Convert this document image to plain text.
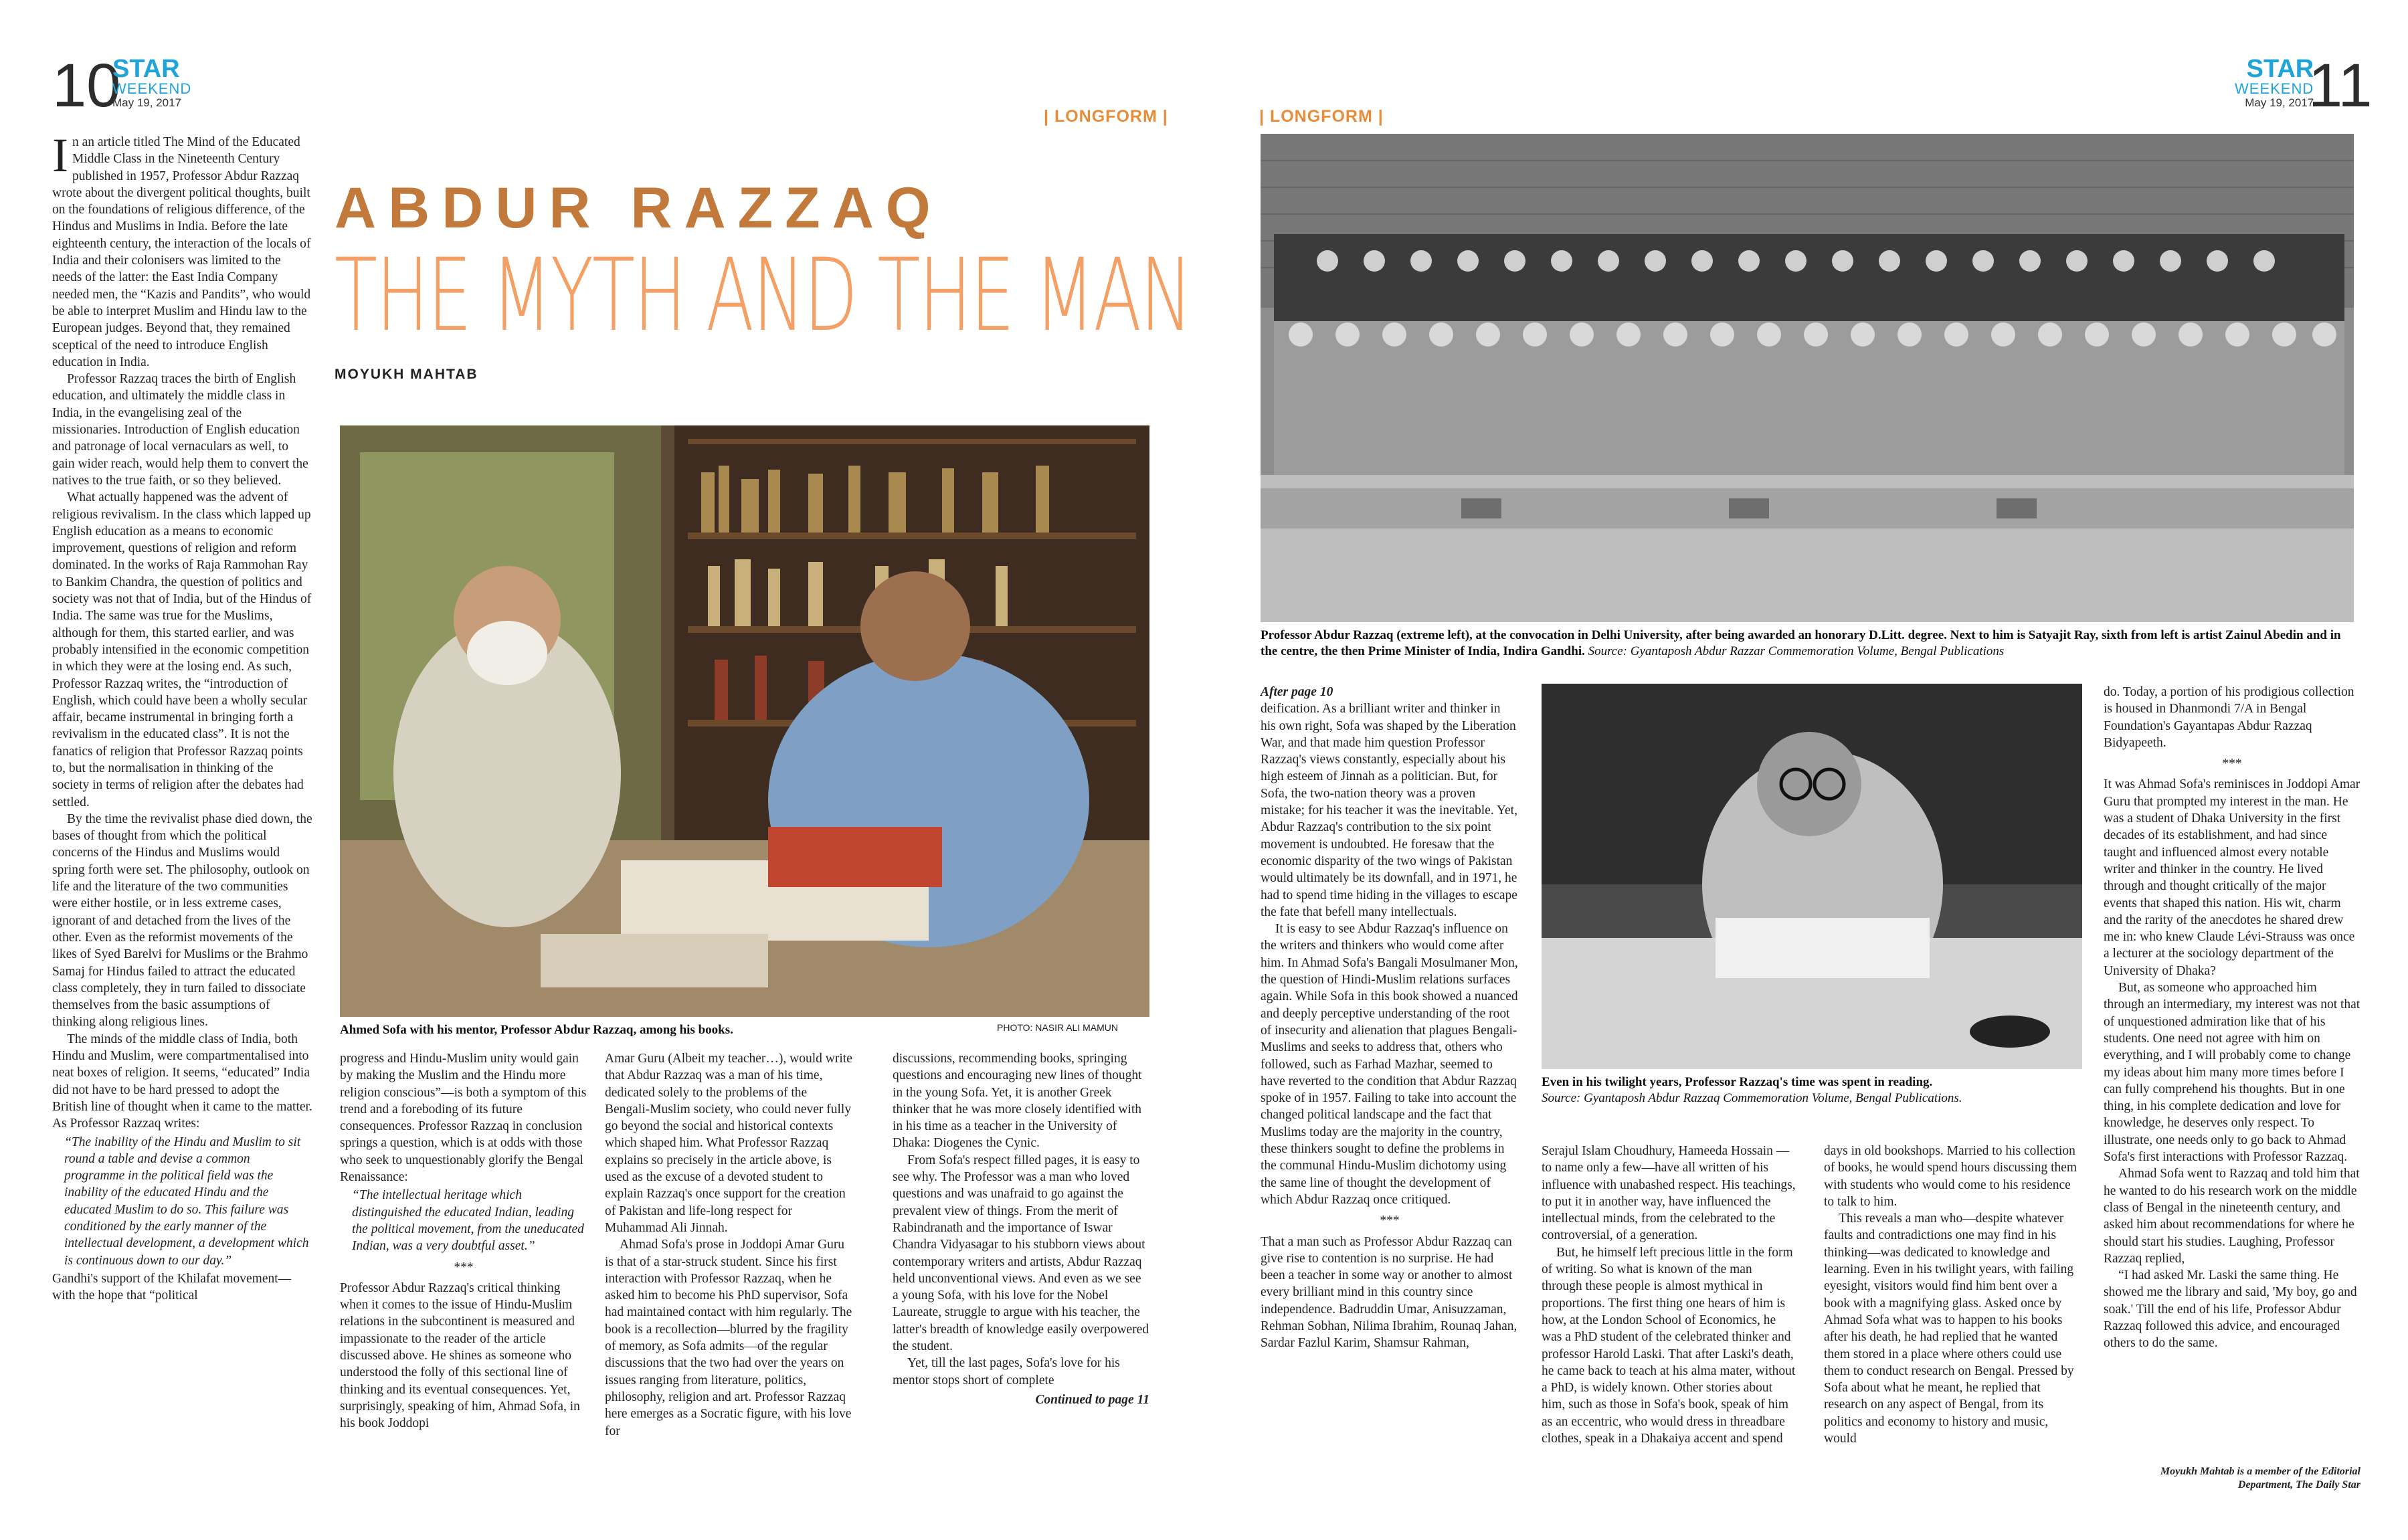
10
STAR
WEEKEND
May 19, 2017
| LONGFORM |
STAR
WEEKEND
May 19, 2017
11
| LONGFORM |
ABDUR RAZZAQ
THE MYTH AND THE MAN
MOYUKH MAHTAB
Ahmed Sofa with his mentor, Professor Abdur Razzaq, among his books.	PHOTO: NASIR ALI MAMUN
Professor Abdur Razzaq (extreme left), at the convocation in Delhi University, after being awarded an honorary D.Litt. degree. Next to him is Satyajit Ray, sixth from left is artist Zainul Abedin and in the centre, the then Prime Minister of India, Indira Gandhi. Source: Gyantaposh Abdur Razzar Commemoration Volume, Bengal Publications
Even in his twilight years, Professor Razzaq's time was spent in reading.
Source: Gyantaposh Abdur Razzaq Commemoration Volume, Bengal Publications.

In an article titled The Mind of the Educated Middle Class in the Nineteenth Century published in 1957, Professor Abdur Razzaq wrote about the divergent political thoughts, built on the foundations of religious difference, of the Hindus and Muslims in India. Before the late eighteenth century, the interaction of the locals of India and their colonisers was limited to the needs of the latter: the East India Company needed men, the “Kazis and Pandits”, who would be able to interpret Muslim and Hindu law to the European judges. Beyond that, they remained sceptical of the need to introduce English education in India.

Professor Razzaq traces the birth of English education, and ultimately the middle class in India, in the evangelising zeal of the missionaries. Introduction of English education and patronage of local vernaculars as well, to gain wider reach, would help them to convert the natives to the true faith, or so they believed.

What actually happened was the advent of religious revivalism. In the class which lapped up English education as a means to economic improvement, questions of religion and reform dominated. In the works of Raja Rammohan Ray to Bankim Chandra, the question of politics and society was not that of India, but of the Hindus of India. The same was true for the Muslims, although for them, this started earlier, and was probably intensified in the economic competition in which they were at the losing end. As such, Professor Razzaq writes, the “introduction of English, which could have been a wholly secular affair, became instrumental in bringing forth a revivalism in the educated class”. It is not the fanatics of religion that Professor Razzaq points to, but the normalisation in thinking of the society in terms of religion after the debates had settled.

By the time the revivalist phase died down, the bases of thought from which the political concerns of the Hindus and Muslims would spring forth were set. The philosophy, outlook on life and the literature of the two communities were either hostile, or in less extreme cases, ignorant of and detached from the lives of the other. Even as the reformist movements of the likes of Syed Barelvi for Muslims or the Brahmo Samaj for Hindus failed to attract the educated class completely, they in turn failed to dissociate themselves from the basic assumptions of thinking along religious lines.

The minds of the middle class of India, both Hindu and Muslim, were compartmentalised into neat boxes of religion. It seems, “educated” India did not have to be hard pressed to adopt the British line of thought when it came to the matter. As Professor Razzaq writes:

“The inability of the Hindu and Muslim to sit round a table and devise a common programme in the political field was the inability of the educated Hindu and the educated Muslim to do so. This failure was conditioned by the early manner of the intellectual development, a development which is continuous down to our day.”

Gandhi's support of the Khilafat movement—with the hope that “political

progress and Hindu-Muslim unity would gain by making the Muslim and the Hindu more religion conscious”—is both a symptom of this trend and a foreboding of its future consequences. Professor Razzaq in conclusion springs a question, which is at odds with those who seek to unquestionably glorify the Bengal Renaissance:

“The intellectual heritage which distinguished the educated Indian, leading the political movement, from the uneducated Indian, was a very doubtful asset.”
***

Professor Abdur Razzaq's critical thinking when it comes to the issue of Hindu-Muslim relations in the subcontinent is measured and impassionate to the reader of the article discussed above. He shines as someone who understood the folly of this sectional line of thinking and its eventual consequences. Yet, surprisingly, speaking of him, Ahmad Sofa, in his book Joddopi

Amar Guru (Albeit my teacher…), would write that Abdur Razzaq was a man of his time, dedicated solely to the problems of the Bengali-Muslim society, who could never fully go beyond the social and historical contexts which shaped him. What Professor Razzaq explains so precisely in the article above, is used as the excuse of a devoted student to explain Razzaq's once support for the creation of Pakistan and life-long respect for Muhammad Ali Jinnah.

Ahmad Sofa's prose in Joddopi Amar Guru is that of a star-struck student. Since his first interaction with Professor Razzaq, when he asked him to become his PhD supervisor, Sofa had maintained contact with him regularly. The book is a recollection—blurred by the fragility of memory, as Sofa admits—of the regular discussions that the two had over the years on issues ranging from literature, politics, philosophy, religion and art. Professor Razzaq here emerges as a Socratic figure, with his love for

discussions, recommending books, springing questions and encouraging new lines of thought in the young Sofa. Yet, it is another Greek thinker that he was more closely identified with in his time as a teacher in the University of Dhaka: Diogenes the Cynic.

From Sofa's respect filled pages, it is easy to see why. The Professor was a man who loved questions and was unafraid to go against the prevalent view of things. From the merit of Rabindranath and the importance of Iswar Chandra Vidyasagar to his stubborn views about contemporary writers and artists, Abdur Razzaq held unconventional views. And even as we see a young Sofa, with his love for the Nobel Laureate, struggle to argue with his teacher, the latter's breadth of knowledge easily overpowered the student.

Yet, till the last pages, Sofa's love for his mentor stops short of complete

Continued to page 11

After page 10

deification. As a brilliant writer and thinker in his own right, Sofa was shaped by the Liberation War, and that made him question Professor Razzaq's views constantly, especially about his high esteem of Jinnah as a politician. But, for Sofa, the two-nation theory was a proven mistake; for his teacher it was the inevitable. Yet, Abdur Razzaq's contribution to the six point movement is undoubted. He foresaw that the economic disparity of the two wings of Pakistan would ultimately be its downfall, and in 1971, he had to spend time hiding in the villages to escape the fate that befell many intellectuals.

It is easy to see Abdur Razzaq's influence on the writers and thinkers who would come after him. In Ahmad Sofa's Bangali Mosulmaner Mon, the question of Hindi-Muslim relations surfaces again. While Sofa in this book showed a nuanced and deeply perceptive understanding of the root of insecurity and alienation that plagues Bengali-Muslims and seeks to address that, others who followed, such as Farhad Mazhar, seemed to have reverted to the condition that Abdur Razzaq spoke of in 1957. Failing to take into account the changed political landscape and the fact that Muslims today are the majority in the country, these thinkers sought to define the problems in the communal Hindu-Muslim dichotomy using the same line of thought the development of which Abdur Razzaq once critiqued.

***

That a man such as Professor Abdur Razzaq can give rise to contention is no surprise. He had been a teacher in some way or another to almost every brilliant mind in this country since independence. Badruddin Umar, Anisuzzaman, Rehman Sobhan, Nilima Ibrahim, Rounaq Jahan, Sardar Fazlul Karim, Shamsur Rahman,

Serajul Islam Choudhury, Hameeda Hossain —to name only a few—have all written of his influence with unabashed respect. His teachings, to put it in another way, have influenced the intellectual minds, from the celebrated to the controversial, of a generation.

But, he himself left precious little in the form of writing. So what is known of the man through these people is almost mythical in proportions. The first thing one hears of him is how, at the London School of Economics, he was a PhD student of the celebrated thinker and professor Harold Laski. That after Laski's death, he came back to teach at his alma mater, without a PhD, is widely known. Other stories about him, such as those in Sofa's book, speak of him as an eccentric, who would dress in threadbare clothes, speak in a Dhakaiya accent and spend

days in old bookshops. Married to his collection of books, he would spend hours discussing them with students who would come to his residence to talk to him.

This reveals a man who—despite whatever faults and contradictions one may find in his thinking—was dedicated to knowledge and learning. Even in his twilight years, with failing eyesight, visitors would find him bent over a book with a magnifying glass. Asked once by Ahmad Sofa what was to happen to his books after his death, he had replied that he wanted them stored in a place where others could use them to conduct research on Bengal. Pressed by Sofa about what he meant, he replied that research on any aspect of Bengal, from its politics and economy to history and music, would

do. Today, a portion of his prodigious collection is housed in Dhanmondi 7/A in Bengal Foundation's Gayantapas Abdur Razzaq Bidyapeeth.

***

It was Ahmad Sofa's reminisces in Joddopi Amar Guru that prompted my interest in the man. He was a student of Dhaka University in the first decades of its establishment, and had since taught and influenced almost every notable writer and thinker in the country. He lived through and thought critically of the major events that shaped this nation. His wit, charm and the rarity of the anecdotes he shared drew me in: who knew Claude Lévi-Strauss was once a lecturer at the sociology department of the University of Dhaka?

But, as someone who approached him through an intermediary, my interest was not that of unquestioned admiration like that of his students. One need not agree with him on everything, and I will probably come to change my ideas about him many more times before I can fully comprehend his thoughts. But in one thing, in his complete dedication and love for knowledge, he deserves only respect. To illustrate, one needs only to go back to Ahmad Sofa's first interactions with Professor Razzaq.

Ahmad Sofa went to Razzaq and told him that he wanted to do his research work on the middle class of Bengal in the nineteenth century, and asked him about recommendations for where he should start his studies. Laughing, Professor Razzaq replied,

“I had asked Mr. Laski the same thing. He showed me the library and said, 'My boy, go and soak.' Till the end of his life, Professor Abdur Razzaq followed this advice, and encouraged others to do the same.

Moyukh Mahtab is a member of the Editorial Department, The Daily Star
